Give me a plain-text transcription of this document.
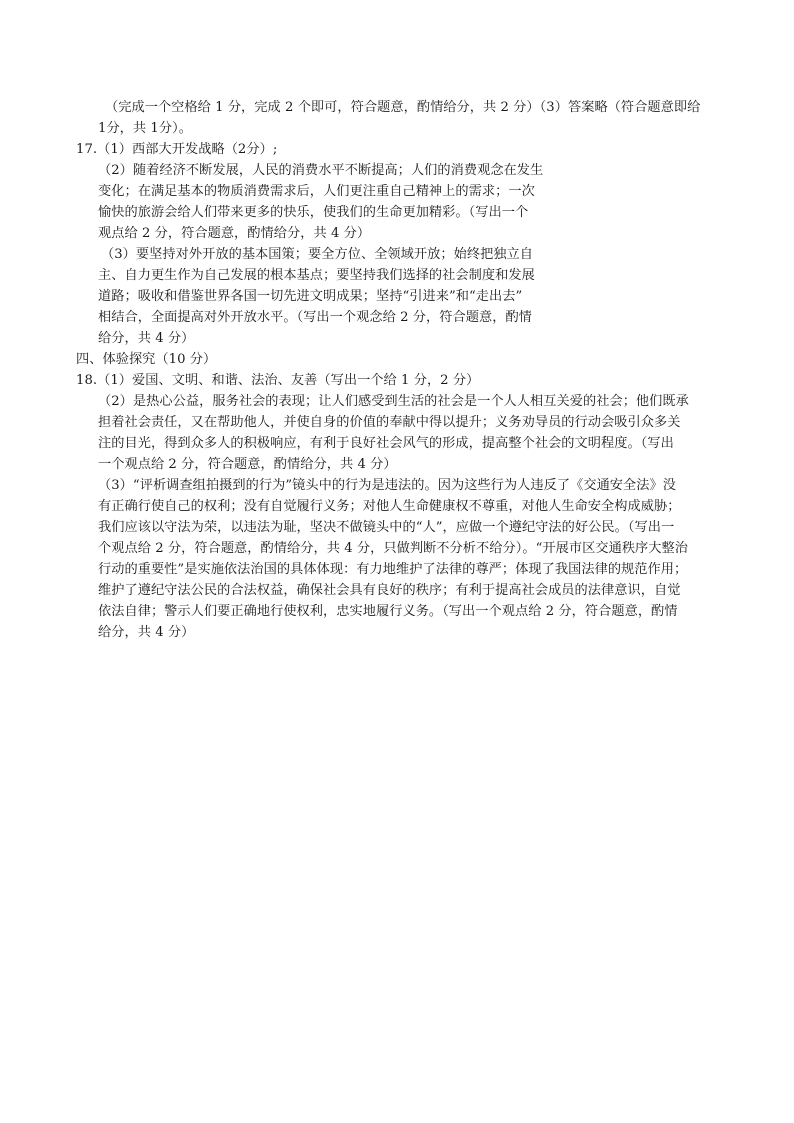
（完成一个空格给 1 分，完成 2 个即可，符合题意，酌情给分，共 2 分）（3）答案略（符合题意即给
1分，共 1分）。
17.（1）西部大开发战略（2分）;
（2）随着经济不断发展，人民的消费水平不断提高；人们的消费观念在发生
变化；在满足基本的物质消费需求后，人们更注重自己精神上的需求；一次
愉快的旅游会给人们带来更多的快乐，使我们的生命更加精彩。（写出一个
观点给 2 分，符合题意，酌情给分，共 4 分）
（3）要坚持对外开放的基本国策；要全方位、全领域开放；始终把独立自
主、自力更生作为自己发展的根本基点；要坚持我们选择的社会制度和发展
道路；吸收和借鉴世界各国一切先进文明成果；坚持“引进来”和“走出去”
相结合，全面提高对外开放水平。（写出一个观念给 2 分，符合题意，酌情
给分，共 4 分）
四、体验探究（10 分）
18.（1）爱国、文明、和谐、法治、友善（写出一个给 1 分，2 分）
（2）是热心公益，服务社会的表现；让人们感受到生活的社会是一个人人相互关爱的社会；他们既承
担着社会责任，又在帮助他人，并使自身的价值的奉献中得以提升；义务劝导员的行动会吸引众多关
注的目光，得到众多人的积极响应，有利于良好社会风气的形成，提高整个社会的文明程度。（写出
一个观点给 2 分，符合题意，酌情给分，共 4 分）
（3）“评析调查组拍摄到的行为”镜头中的行为是违法的。因为这些行为人违反了《交通安全法》没
有正确行使自己的权利；没有自觉履行义务；对他人生命健康权不尊重，对他人生命安全构成威胁；
我们应该以守法为荣，以违法为耻，坚决不做镜头中的“人”，应做一个遵纪守法的好公民。（写出一
个观点给 2 分，符合题意，酌情给分，共 4 分，只做判断不分析不给分）。“开展市区交通秩序大整治
行动的重要性”是实施依法治国的具体体现：有力地维护了法律的尊严；体现了我国法律的规范作用；
维护了遵纪守法公民的合法权益，确保社会具有良好的秩序；有利于提高社会成员的法律意识，自觉
依法自律；警示人们要正确地行使权利，忠实地履行义务。（写出一个观点给 2 分，符合题意，酌情
给分，共 4 分）
